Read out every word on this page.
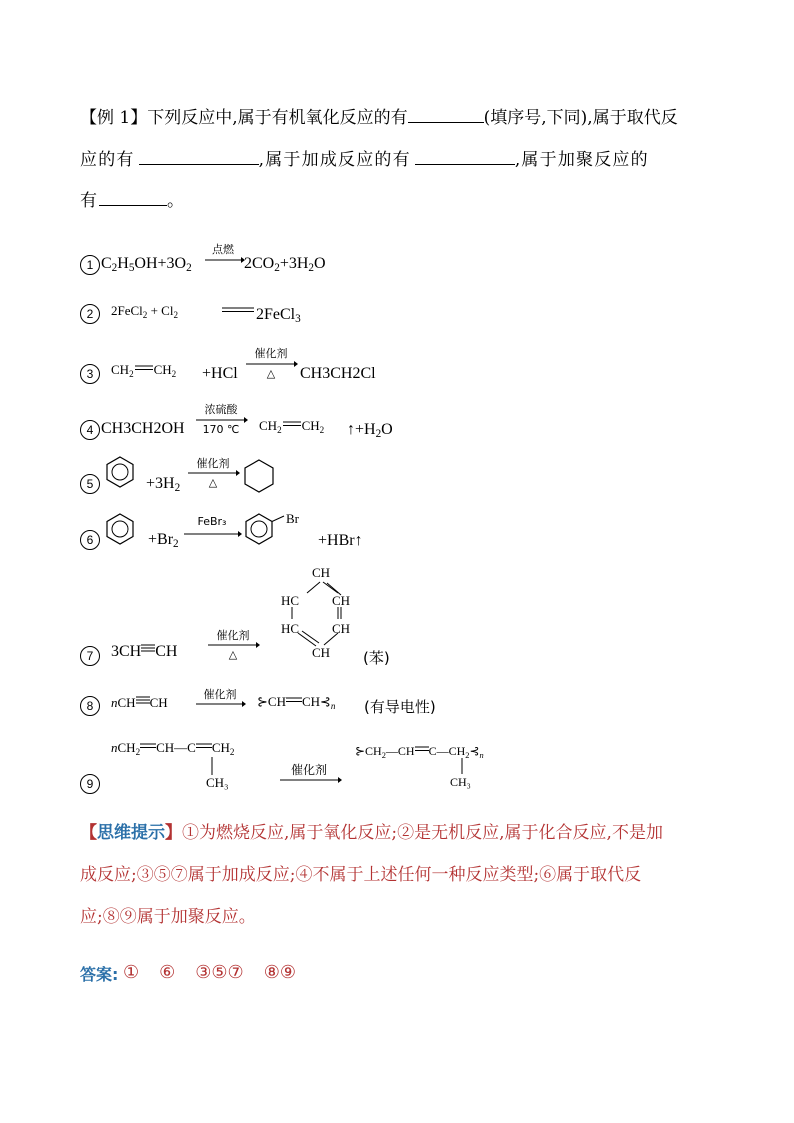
【例 1】下列反应中,属于有机氧化反应的有	(填序号,下同),属于取代反
应的有	,属于加成反应的有	,属于加聚反应的
有	。
1 $C_2H_5OH+3O_2$
点燃
→ $2CO_2+3H_2O$
2	2FeCl$_2$ + $Cl_2$	2FeCl$_3$
3	$CH_2$ $CH_2 +HCl$
催化剂
△	CH3CH2Cl
4 CH3CH2OH
浓硫酸
170 ℃	$CH_2$ $CH_2$ $↑+H_2O$
5	$+3H_2$
催化剂
△
6	$+Br_2$
FeBr₃	Br
+HBr↑
7	3CH CH
催化剂
△
CH
HC	CH
HC	CH
CH (苯)
8	nCH CH
催化剂 → ⊱CH $CH⊰_n$ (有导电性)
9
nCH$_2$ CH—C $CH_2$
CH₃
催化剂
$⊱CH_2—CH$ $C—CH_2⊰_n$
CH₃
【思维提示】①为燃烧反应,属于氧化反应;②是无机反应,属于化合反应,不是加
成反应;③⑤⑦属于加成反应;④不属于上述任何一种反应类型;⑥属于取代反
应;⑧⑨属于加聚反应。
答案: ① ⑥ ③⑤⑦ ⑧⑨
